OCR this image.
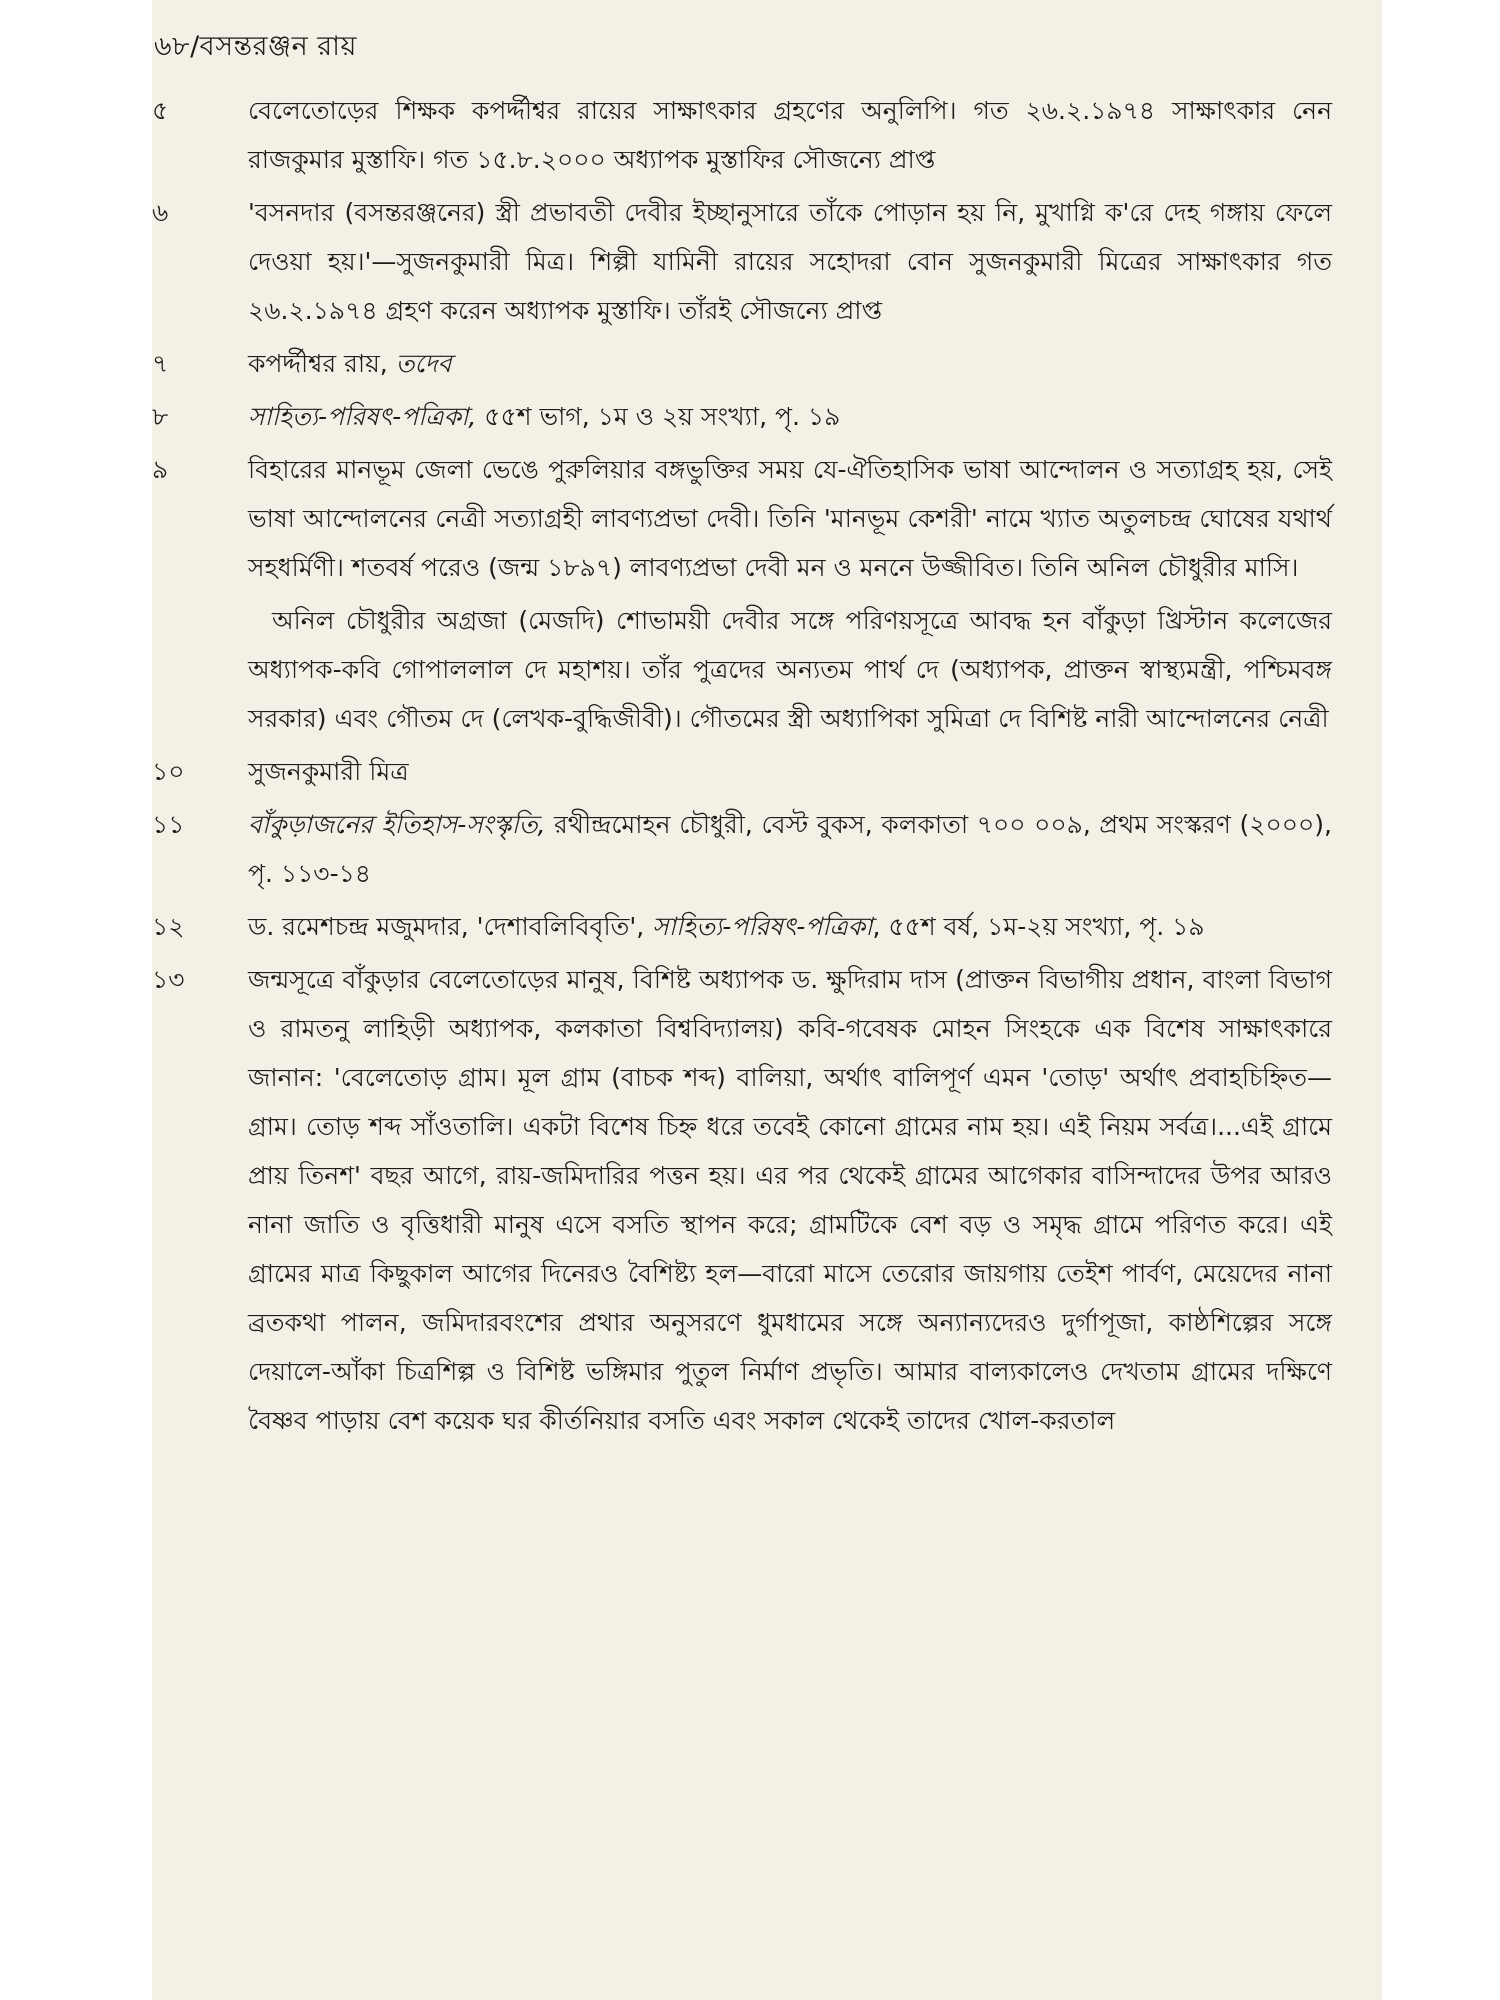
৬৮/বসন্তরঞ্জন রায়
৫	বেলেতোড়ের শিক্ষক কপর্দ্দীশ্বর রায়ের সাক্ষাৎকার গ্রহণের অনুলিপি। গত ২৬.২.১৯৭৪ সাক্ষাৎকার নেন রাজকুমার মুস্তাফি। গত ১৫.৮.২০০০ অধ্যাপক মুস্তাফির সৌজন্যে প্রাপ্ত

৬	'বসনদার (বসন্তরঞ্জনের) স্ত্রী প্রভাবতী দেবীর ইচ্ছানুসারে তাঁকে পোড়ান হয় নি, মুখাগ্নি ক'রে দেহ গঙ্গায় ফেলে দেওয়া হয়।'—সুজনকুমারী মিত্র। শিল্পী যামিনী রায়ের সহোদরা বোন সুজনকুমারী মিত্রের সাক্ষাৎকার গত ২৬.২.১৯৭৪ গ্রহণ করেন অধ্যাপক মুস্তাফি। তাঁরই সৌজন্যে প্রাপ্ত

৭	কপর্দ্দীশ্বর রায়, তদেব

৮	সাহিত্য-পরিষৎ-পত্রিকা, ৫৫শ ভাগ, ১ম ও ২য় সংখ্যা, পৃ. ১৯

৯	বিহারের মানভূম জেলা ভেঙে পুরুলিয়ার বঙ্গভুক্তির সময় যে-ঐতিহাসিক ভাষা আন্দোলন ও সত্যাগ্রহ হয়, সেই ভাষা আন্দোলনের নেত্রী সত্যাগ্রহী লাবণ্যপ্রভা দেবী। তিনি 'মানভূম কেশরী' নামে খ্যাত অতুলচন্দ্র ঘোষের যথার্থ সহধর্মিণী। শতবর্ষ পরেও (জন্ম ১৮৯৭) লাবণ্যপ্রভা দেবী মন ও মননে উজ্জীবিত। তিনি অনিল চৌধুরীর মাসি।

অনিল চৌধুরীর অগ্রজা (মেজদি) শোভাময়ী দেবীর সঙ্গে পরিণয়সূত্রে আবদ্ধ হন বাঁকুড়া খ্রিস্টান কলেজের অধ্যাপক-কবি গোপাললাল দে মহাশয়। তাঁর পুত্রদের অন্যতম পার্থ দে (অধ্যাপক, প্রাক্তন স্বাস্থ্যমন্ত্রী, পশ্চিমবঙ্গ সরকার) এবং গৌতম দে (লেখক-বুদ্ধিজীবী)। গৌতমের স্ত্রী অধ্যাপিকা সুমিত্রা দে বিশিষ্ট নারী আন্দোলনের নেত্রী

১০	সুজনকুমারী মিত্র

১১	বাঁকুড়াজনের ইতিহাস-সংস্কৃতি, রথীন্দ্রমোহন চৌধুরী, বেস্ট বুকস, কলকাতা ৭০০ ০০৯, প্রথম সংস্করণ (২০০০), পৃ. ১১৩-১৪

১২	ড. রমেশচন্দ্র মজুমদার, 'দেশাবলিবিবৃতি', সাহিত্য-পরিষৎ-পত্রিকা, ৫৫শ বর্ষ, ১ম-২য় সংখ্যা, পৃ. ১৯

১৩	জন্মসূত্রে বাঁকুড়ার বেলেতোড়ের মানুষ, বিশিষ্ট অধ্যাপক ড. ক্ষুদিরাম দাস (প্রাক্তন বিভাগীয় প্রধান, বাংলা বিভাগ ও রামতনু লাহিড়ী অধ্যাপক, কলকাতা বিশ্ববিদ্যালয়) কবি-গবেষক মোহন সিংহকে এক বিশেষ সাক্ষাৎকারে জানান: 'বেলেতোড় গ্রাম। মূল গ্রাম (বাচক শব্দ) বালিয়া, অর্থাৎ বালিপূর্ণ এমন 'তোড়' অর্থাৎ প্রবাহচিহ্নিত—গ্রাম। তোড় শব্দ সাঁওতালি। একটা বিশেষ চিহ্ন ধরে তবেই কোনো গ্রামের নাম হয়। এই নিয়ম সর্বত্র।...এই গ্রামে প্রায় তিনশ' বছর আগে, রায়-জমিদারির পত্তন হয়। এর পর থেকেই গ্রামের আগেকার বাসিন্দাদের উপর আরও নানা জাতি ও বৃত্তিধারী মানুষ এসে বসতি স্থাপন করে; গ্রামটিকে বেশ বড় ও সমৃদ্ধ গ্রামে পরিণত করে। এই গ্রামের মাত্র কিছুকাল আগের দিনেরও বৈশিষ্ট্য হল—বারো মাসে তেরোর জায়গায় তেইশ পার্বণ, মেয়েদের নানা ব্রতকথা পালন, জমিদারবংশের প্রথার অনুসরণে ধুমধামের সঙ্গে অন্যান্যদেরও দুর্গাপূজা, কাষ্ঠশিল্পের সঙ্গে দেয়ালে-আঁকা চিত্রশিল্প ও বিশিষ্ট ভঙ্গিমার পুতুল নির্মাণ প্রভৃতি। আমার বাল্যকালেও দেখতাম গ্রামের দক্ষিণে বৈষ্ণব পাড়ায় বেশ কয়েক ঘর কীর্তনিয়ার বসতি এবং সকাল থেকেই তাদের খোল-করতাল
